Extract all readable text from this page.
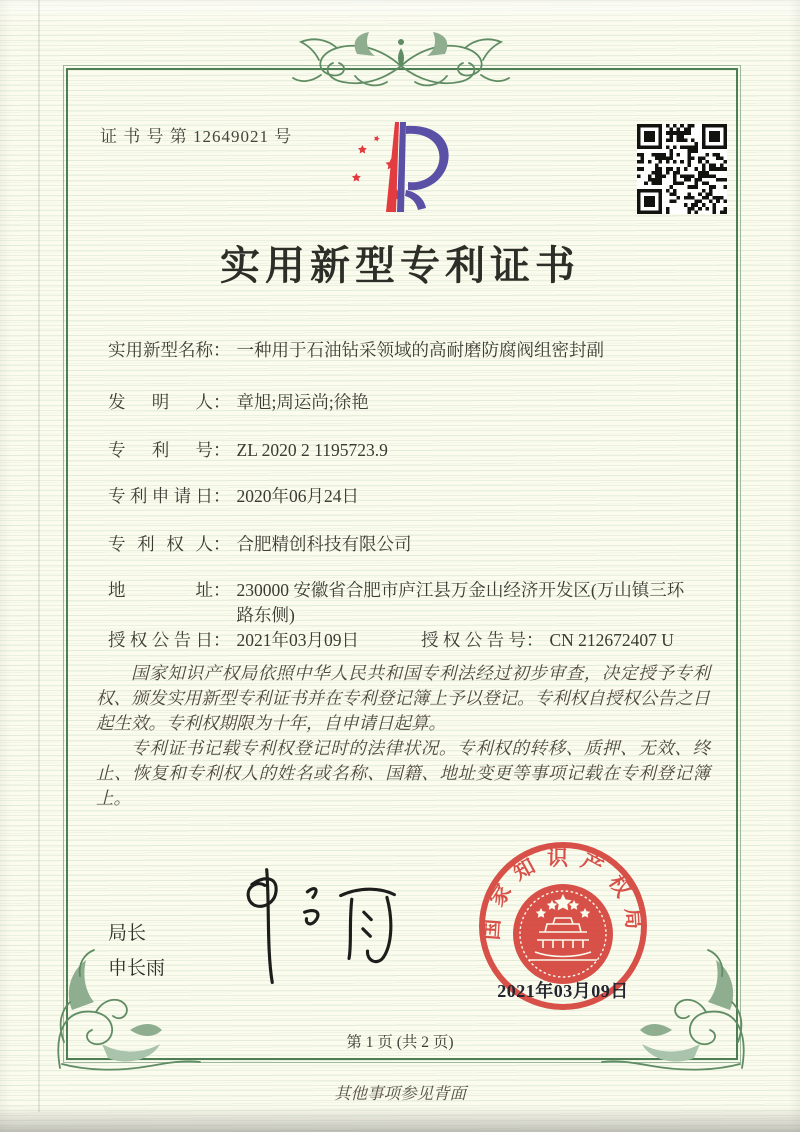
证 书 号 第 12649021 号
实用新型专利证书
实用新型名称 ： 一种用于石油钻采领域的高耐磨防腐阀组密封副
发明人 ： 章旭;周运尚;徐艳
专利号 ： ZL 2020 2 1195723.9
专利申请日 ： 2020年06月24日
专利权人 ： 合肥精创科技有限公司
地址 ： 230000 安徽省合肥市庐江县万金山经济开发区(万山镇三环路东侧)
授权公告日 ： 2021年03月09日	授权公告号 ： CN 212672407 U

国家知识产权局依照中华人民共和国专利法经过初步审查，决定授予专利权、颁发实用新型专利证书并在专利登记簿上予以登记。专利权自授权公告之日起生效。专利权期限为十年，自申请日起算。

专利证书记载专利权登记时的法律状况。专利权的转移、质押、无效、终止、恢复和专利权人的姓名或名称、国籍、地址变更等事项记载在专利登记簿上。

局长
申长雨
国家知识产权局
2021年03月09日
第 1 页 (共 2 页)
其他事项参见背面
